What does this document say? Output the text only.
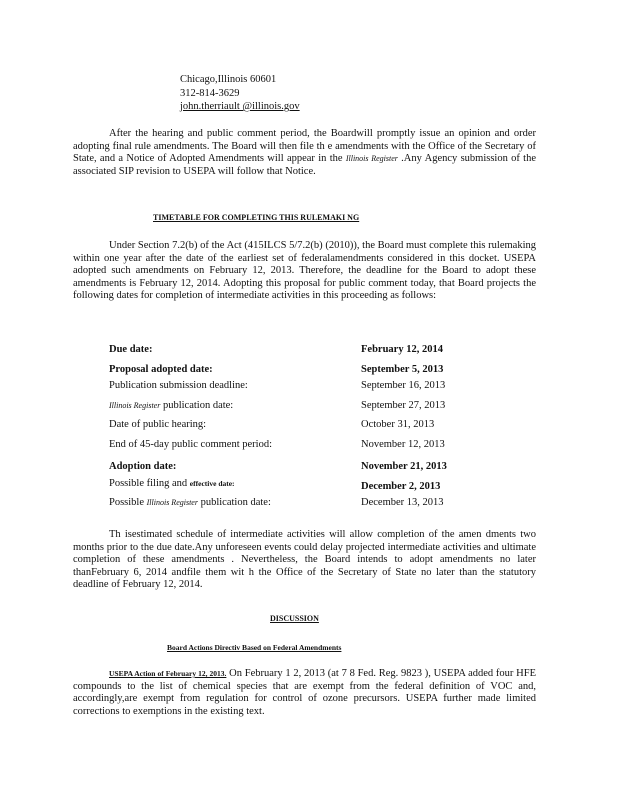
Chicago,Illinois 60601
312-814-3629
john.therriault @illinois.gov
After the hearing and public comment period, the Boardwill promptly issue an opinion and order adopting final rule amendments. The Board will then file th e amendments with the Office of the Secretary of State, and a Notice of Adopted Amendments will appear in the Illinois Register .Any Agency submission of the associated SIP revision to USEPA will follow that Notice.
TIMETABLE FOR COMPLETING THIS RULEMAKI NG
Under Section 7.2(b) of the Act (415ILCS 5/7.2(b) (2010)), the Board must complete this rulemaking within one year after the date of the earliest set of federalamendments considered in this docket. USEPA adopted such amendments on February 12, 2013. Therefore, the deadline for the Board to adopt these amendments is February 12, 2014. Adopting this proposal for public comment today, that Board projects the following dates for completion of intermediate activities in this proceeding as follows:
Due date:	February 12, 2014
Proposal adopted date:	September 5, 2013
Publication submission deadline:	September 16, 2013
Illinois Register publication date:	September 27, 2013
Date of public hearing:	October 31, 2013
End of 45-day public comment period:	November 12, 2013
Adoption date:	November 21, 2013
Possible filing and effective date:	December 2, 2013
Possible Illinois Register publication date:	December 13, 2013
Th isestimated schedule of intermediate activities will allow completion of the amen dments two months prior to the due date.Any unforeseen events could delay projected intermediate activities and ultimate completion of these amendments . Nevertheless, the Board intends to adopt amendments no later thanFebruary 6, 2014 andfile them wit h the Office of the Secretary of State no later than the statutory deadline of February 12, 2014.
DISCUSSION
Board Actions Directiv Based on Federal Amendments
USEPA Action of February 12, 2013. On February 1 2, 2013 (at 7 8 Fed. Reg. 9823 ), USEPA added four HFE compounds to the list of chemical species that are exempt from the federal definition of VOC and, accordingly,are exempt from regulation for control of ozone precursors. USEPA further made limited corrections to exemptions in the existing text.
